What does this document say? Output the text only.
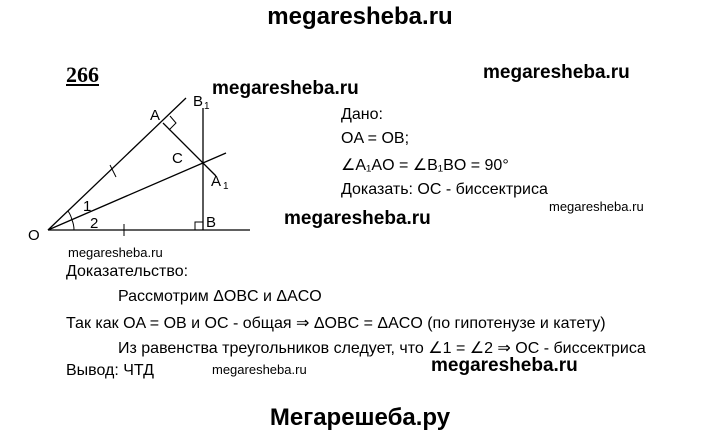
megaresheba.ru
266
megaresheba.ru
megaresheba.ru
megaresheba.ru
megaresheba.ru
megaresheba.ru
megaresheba.ru	megaresheba.ru
Мегарешеба.ру
O
A
B
B 1
C
A 1
1
2
Дано:
OA = OB;
∠A₁AO = ∠B₁BO = 90°
Доказать: OC - биссектриса
Доказательство:
Рассмотрим ΔOBC и ΔACO
Так как OA = OB и OC - общая ⇒ ΔOBC = ΔACO (по гипотенузе и катету)
Из равенства треугольников следует, что ∠1 = ∠2 ⇒ OC - биссектриса
Вывод: ЧТД
